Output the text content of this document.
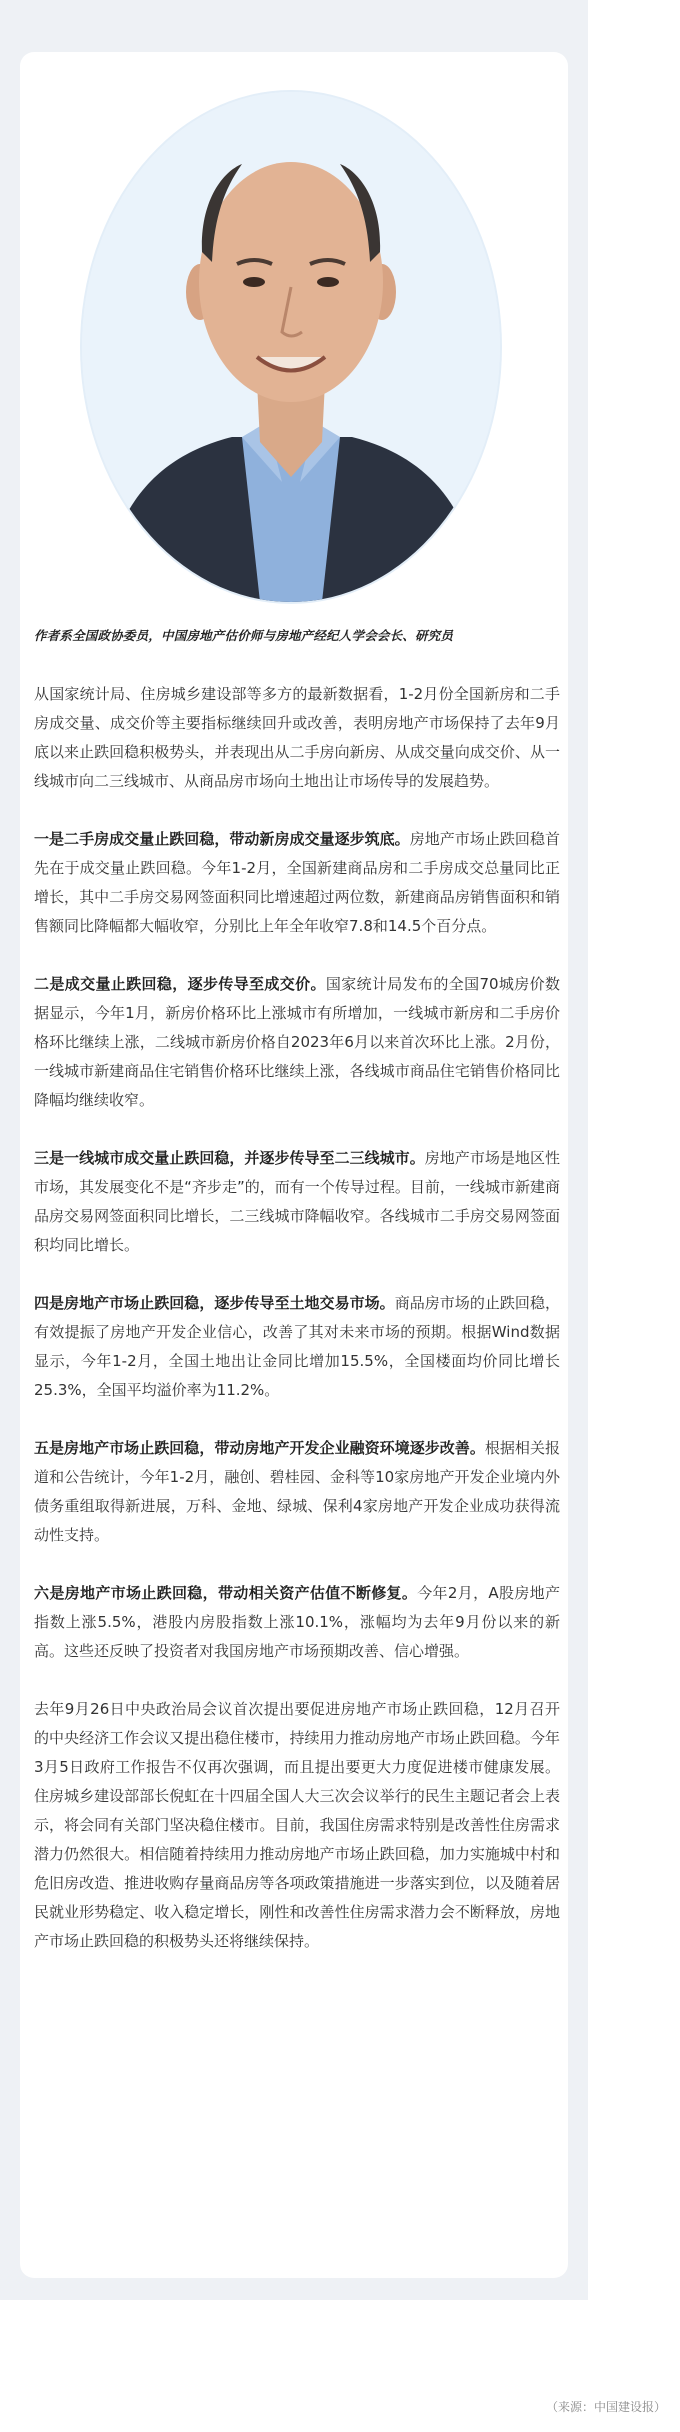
作者系全国政协委员，中国房地产估价师与房地产经纪人学会会长、研究员

从国家统计局、住房城乡建设部等多方的最新数据看，1-2月份全国新房和二手房成交量、成交价等主要指标继续回升或改善，表明房地产市场保持了去年9月底以来止跌回稳积极势头，并表现出从二手房向新房、从成交量向成交价、从一线城市向二三线城市、从商品房市场向土地出让市场传导的发展趋势。

一是二手房成交量止跌回稳，带动新房成交量逐步筑底。房地产市场止跌回稳首先在于成交量止跌回稳。今年1-2月，全国新建商品房和二手房成交总量同比正增长，其中二手房交易网签面积同比增速超过两位数，新建商品房销售面积和销售额同比降幅都大幅收窄，分别比上年全年收窄7.8和14.5个百分点。

二是成交量止跌回稳，逐步传导至成交价。国家统计局发布的全国70城房价数据显示，今年1月，新房价格环比上涨城市有所增加，一线城市新房和二手房价格环比继续上涨，二线城市新房价格自2023年6月以来首次环比上涨。2月份，一线城市新建商品住宅销售价格环比继续上涨，各线城市商品住宅销售价格同比降幅均继续收窄。

三是一线城市成交量止跌回稳，并逐步传导至二三线城市。房地产市场是地区性市场，其发展变化不是“齐步走”的，而有一个传导过程。目前，一线城市新建商品房交易网签面积同比增长，二三线城市降幅收窄。各线城市二手房交易网签面积均同比增长。

四是房地产市场止跌回稳，逐步传导至土地交易市场。商品房市场的止跌回稳，有效提振了房地产开发企业信心，改善了其对未来市场的预期。根据Wind数据显示，今年1-2月，全国土地出让金同比增加15.5%，全国楼面均价同比增长25.3%，全国平均溢价率为11.2%。

五是房地产市场止跌回稳，带动房地产开发企业融资环境逐步改善。根据相关报道和公告统计，今年1-2月，融创、碧桂园、金科等10家房地产开发企业境内外债务重组取得新进展，万科、金地、绿城、保利4家房地产开发企业成功获得流动性支持。

六是房地产市场止跌回稳，带动相关资产估值不断修复。今年2月，A股房地产指数上涨5.5%，港股内房股指数上涨10.1%，涨幅均为去年9月份以来的新高。这些还反映了投资者对我国房地产市场预期改善、信心增强。

去年9月26日中央政治局会议首次提出要促进房地产市场止跌回稳，12月召开的中央经济工作会议又提出稳住楼市，持续用力推动房地产市场止跌回稳。今年3月5日政府工作报告不仅再次强调，而且提出要更大力度促进楼市健康发展。住房城乡建设部部长倪虹在十四届全国人大三次会议举行的民生主题记者会上表示，将会同有关部门坚决稳住楼市。目前，我国住房需求特别是改善性住房需求潜力仍然很大。相信随着持续用力推动房地产市场止跌回稳，加力实施城中村和危旧房改造、推进收购存量商品房等各项政策措施进一步落实到位，以及随着居民就业形势稳定、收入稳定增长，刚性和改善性住房需求潜力会不断释放，房地产市场止跌回稳的积极势头还将继续保持。

（来源：中国建设报）
